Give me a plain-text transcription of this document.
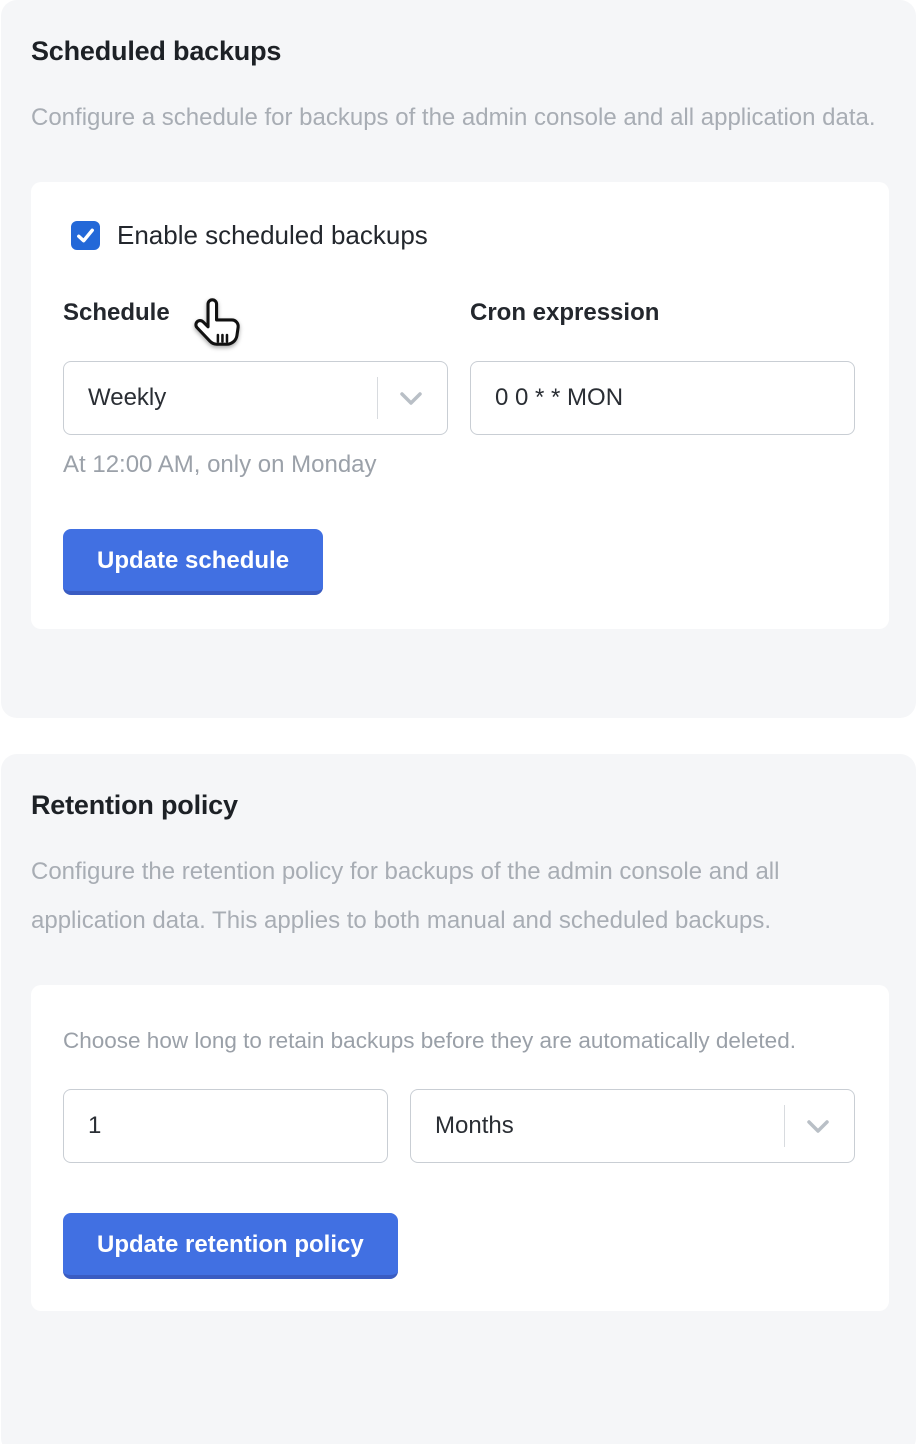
Scheduled backups
Configure a schedule for backups of the admin console and all application data.
Enable scheduled backups
Schedule	Cron expression
Weekly
0 0 * * MON
At 12:00 AM, only on Monday
Update schedule
Retention policy
Configure the retention policy for backups of the admin console and all application data. This applies to both manual and scheduled backups.
Choose how long to retain backups before they are automatically deleted.
1
Months
Update retention policy
